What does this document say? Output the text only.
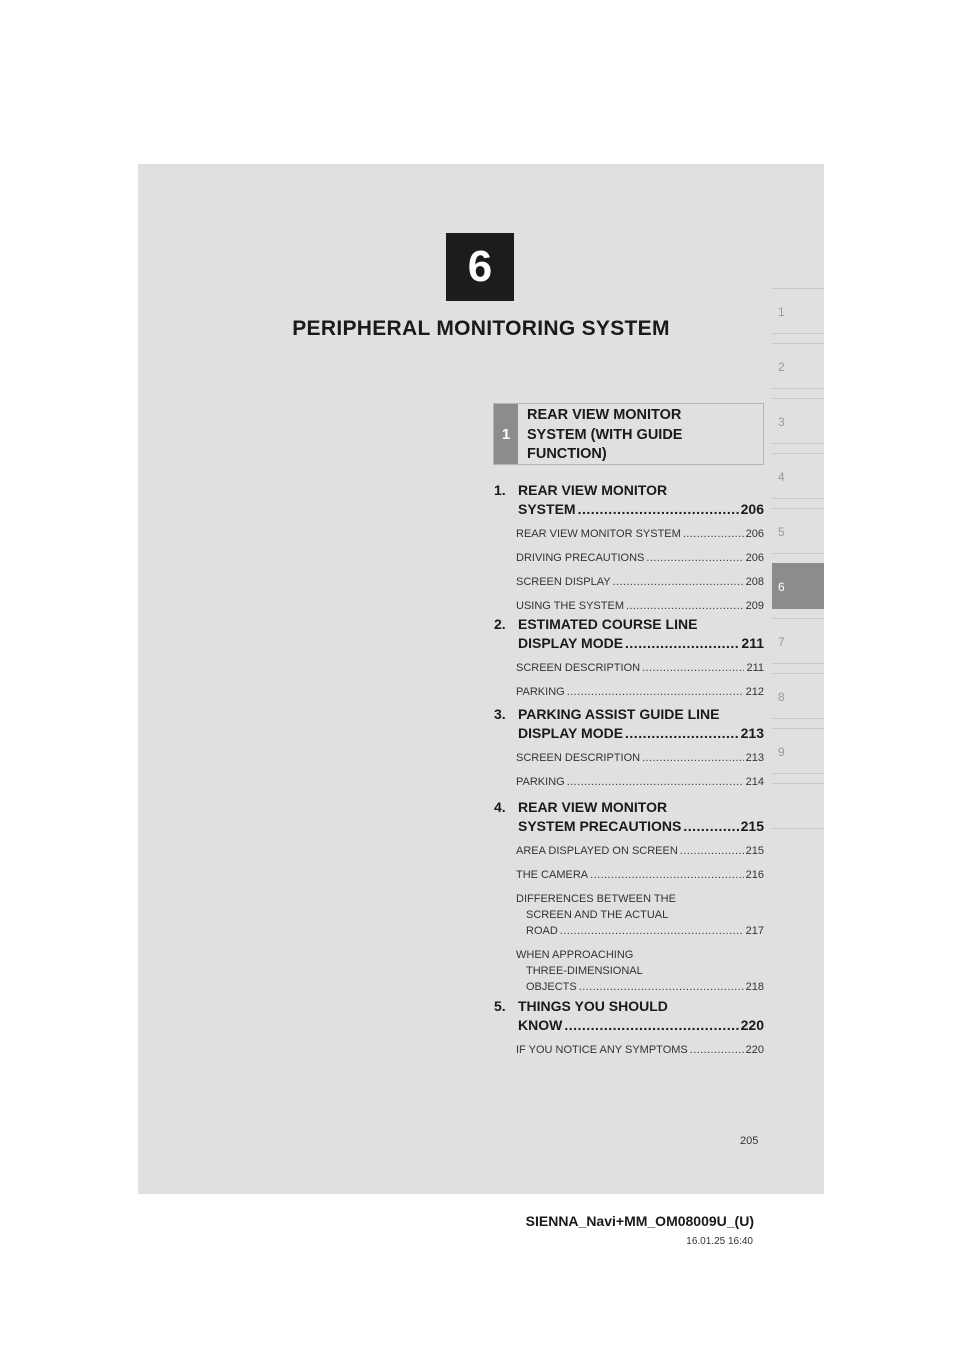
6
PERIPHERAL MONITORING SYSTEM
1
2
3
4
5
6
7
8
9
1
REAR VIEW MONITOR
SYSTEM (WITH GUIDE
FUNCTION)
1. REAR VIEW MONITOR
SYSTEM .....	206
REAR VIEW MONITOR SYSTEM .....	206
DRIVING PRECAUTIONS .....	206
SCREEN DISPLAY .....	208
USING THE SYSTEM .....	209
2. ESTIMATED COURSE LINE
DISPLAY MODE .....	211
SCREEN DESCRIPTION .....	211
PARKING .....	212
3. PARKING ASSIST GUIDE LINE
DISPLAY MODE .....	213
SCREEN DESCRIPTION .....	213
PARKING .....	214
4. REAR VIEW MONITOR
SYSTEM PRECAUTIONS .....	215
AREA DISPLAYED ON SCREEN .....	215
THE CAMERA .....	216
DIFFERENCES BETWEEN THE
SCREEN AND THE ACTUAL
ROAD .....	217
WHEN APPROACHING
THREE-DIMENSIONAL
OBJECTS .....	218
5. THINGS YOU SHOULD
KNOW .....	220
IF YOU NOTICE ANY SYMPTOMS .....	220
205
SIENNA_Navi+MM_OM08009U_(U)
16.01.25 16:40
